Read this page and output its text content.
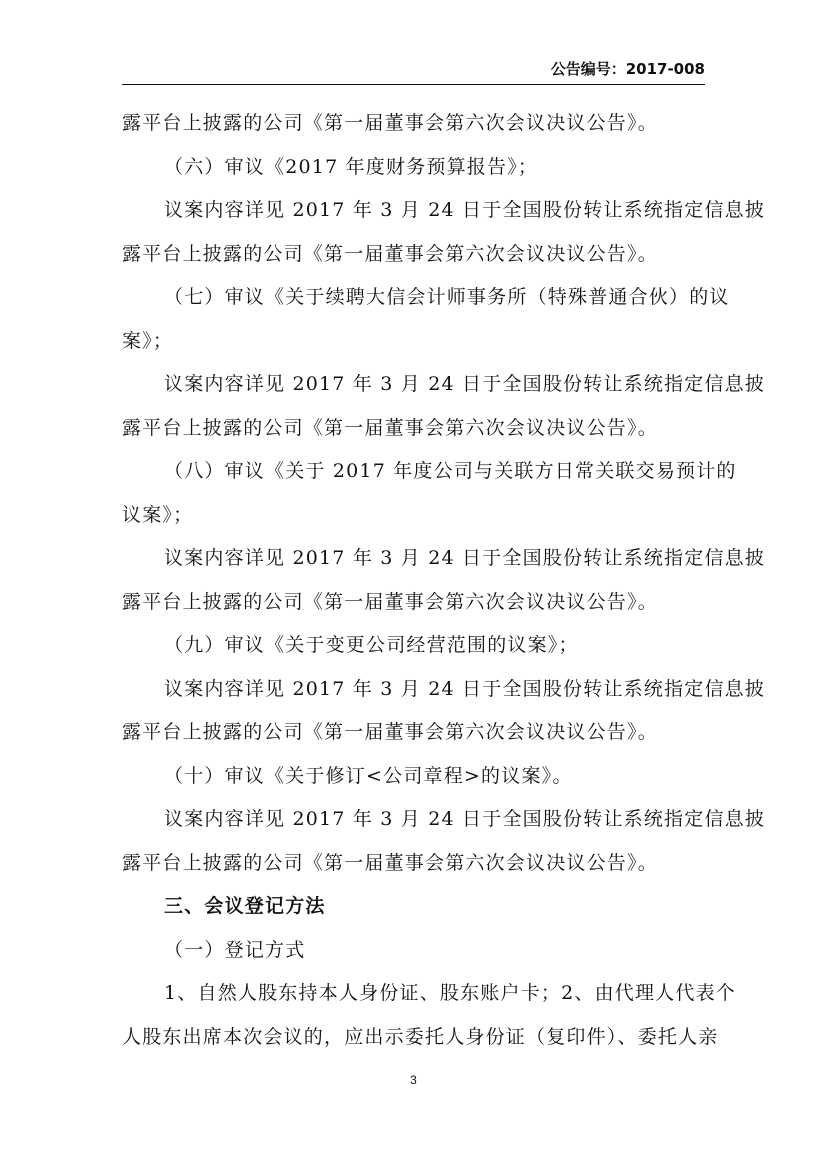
公告编号：2017-008
露平台上披露的公司《第一届董事会第六次会议决议公告》。
（六）审议《2017 年度财务预算报告》；
议案内容详见 2017 年 3 月 24 日于全国股份转让系统指定信息披
露平台上披露的公司《第一届董事会第六次会议决议公告》。
（七）审议《关于续聘大信会计师事务所（特殊普通合伙）的议
案》；
议案内容详见 2017 年 3 月 24 日于全国股份转让系统指定信息披
露平台上披露的公司《第一届董事会第六次会议决议公告》。
（八）审议《关于 2017 年度公司与关联方日常关联交易预计的
议案》；
议案内容详见 2017 年 3 月 24 日于全国股份转让系统指定信息披
露平台上披露的公司《第一届董事会第六次会议决议公告》。
（九）审议《关于变更公司经营范围的议案》；
议案内容详见 2017 年 3 月 24 日于全国股份转让系统指定信息披
露平台上披露的公司《第一届董事会第六次会议决议公告》。
（十）审议《关于修订<公司章程>的议案》。
议案内容详见 2017 年 3 月 24 日于全国股份转让系统指定信息披
露平台上披露的公司《第一届董事会第六次会议决议公告》。
三、会议登记方法
（一）登记方式
1、自然人股东持本人身份证、股东账户卡；2、由代理人代表个
人股东出席本次会议的，应出示委托人身份证（复印件）、委托人亲
3
